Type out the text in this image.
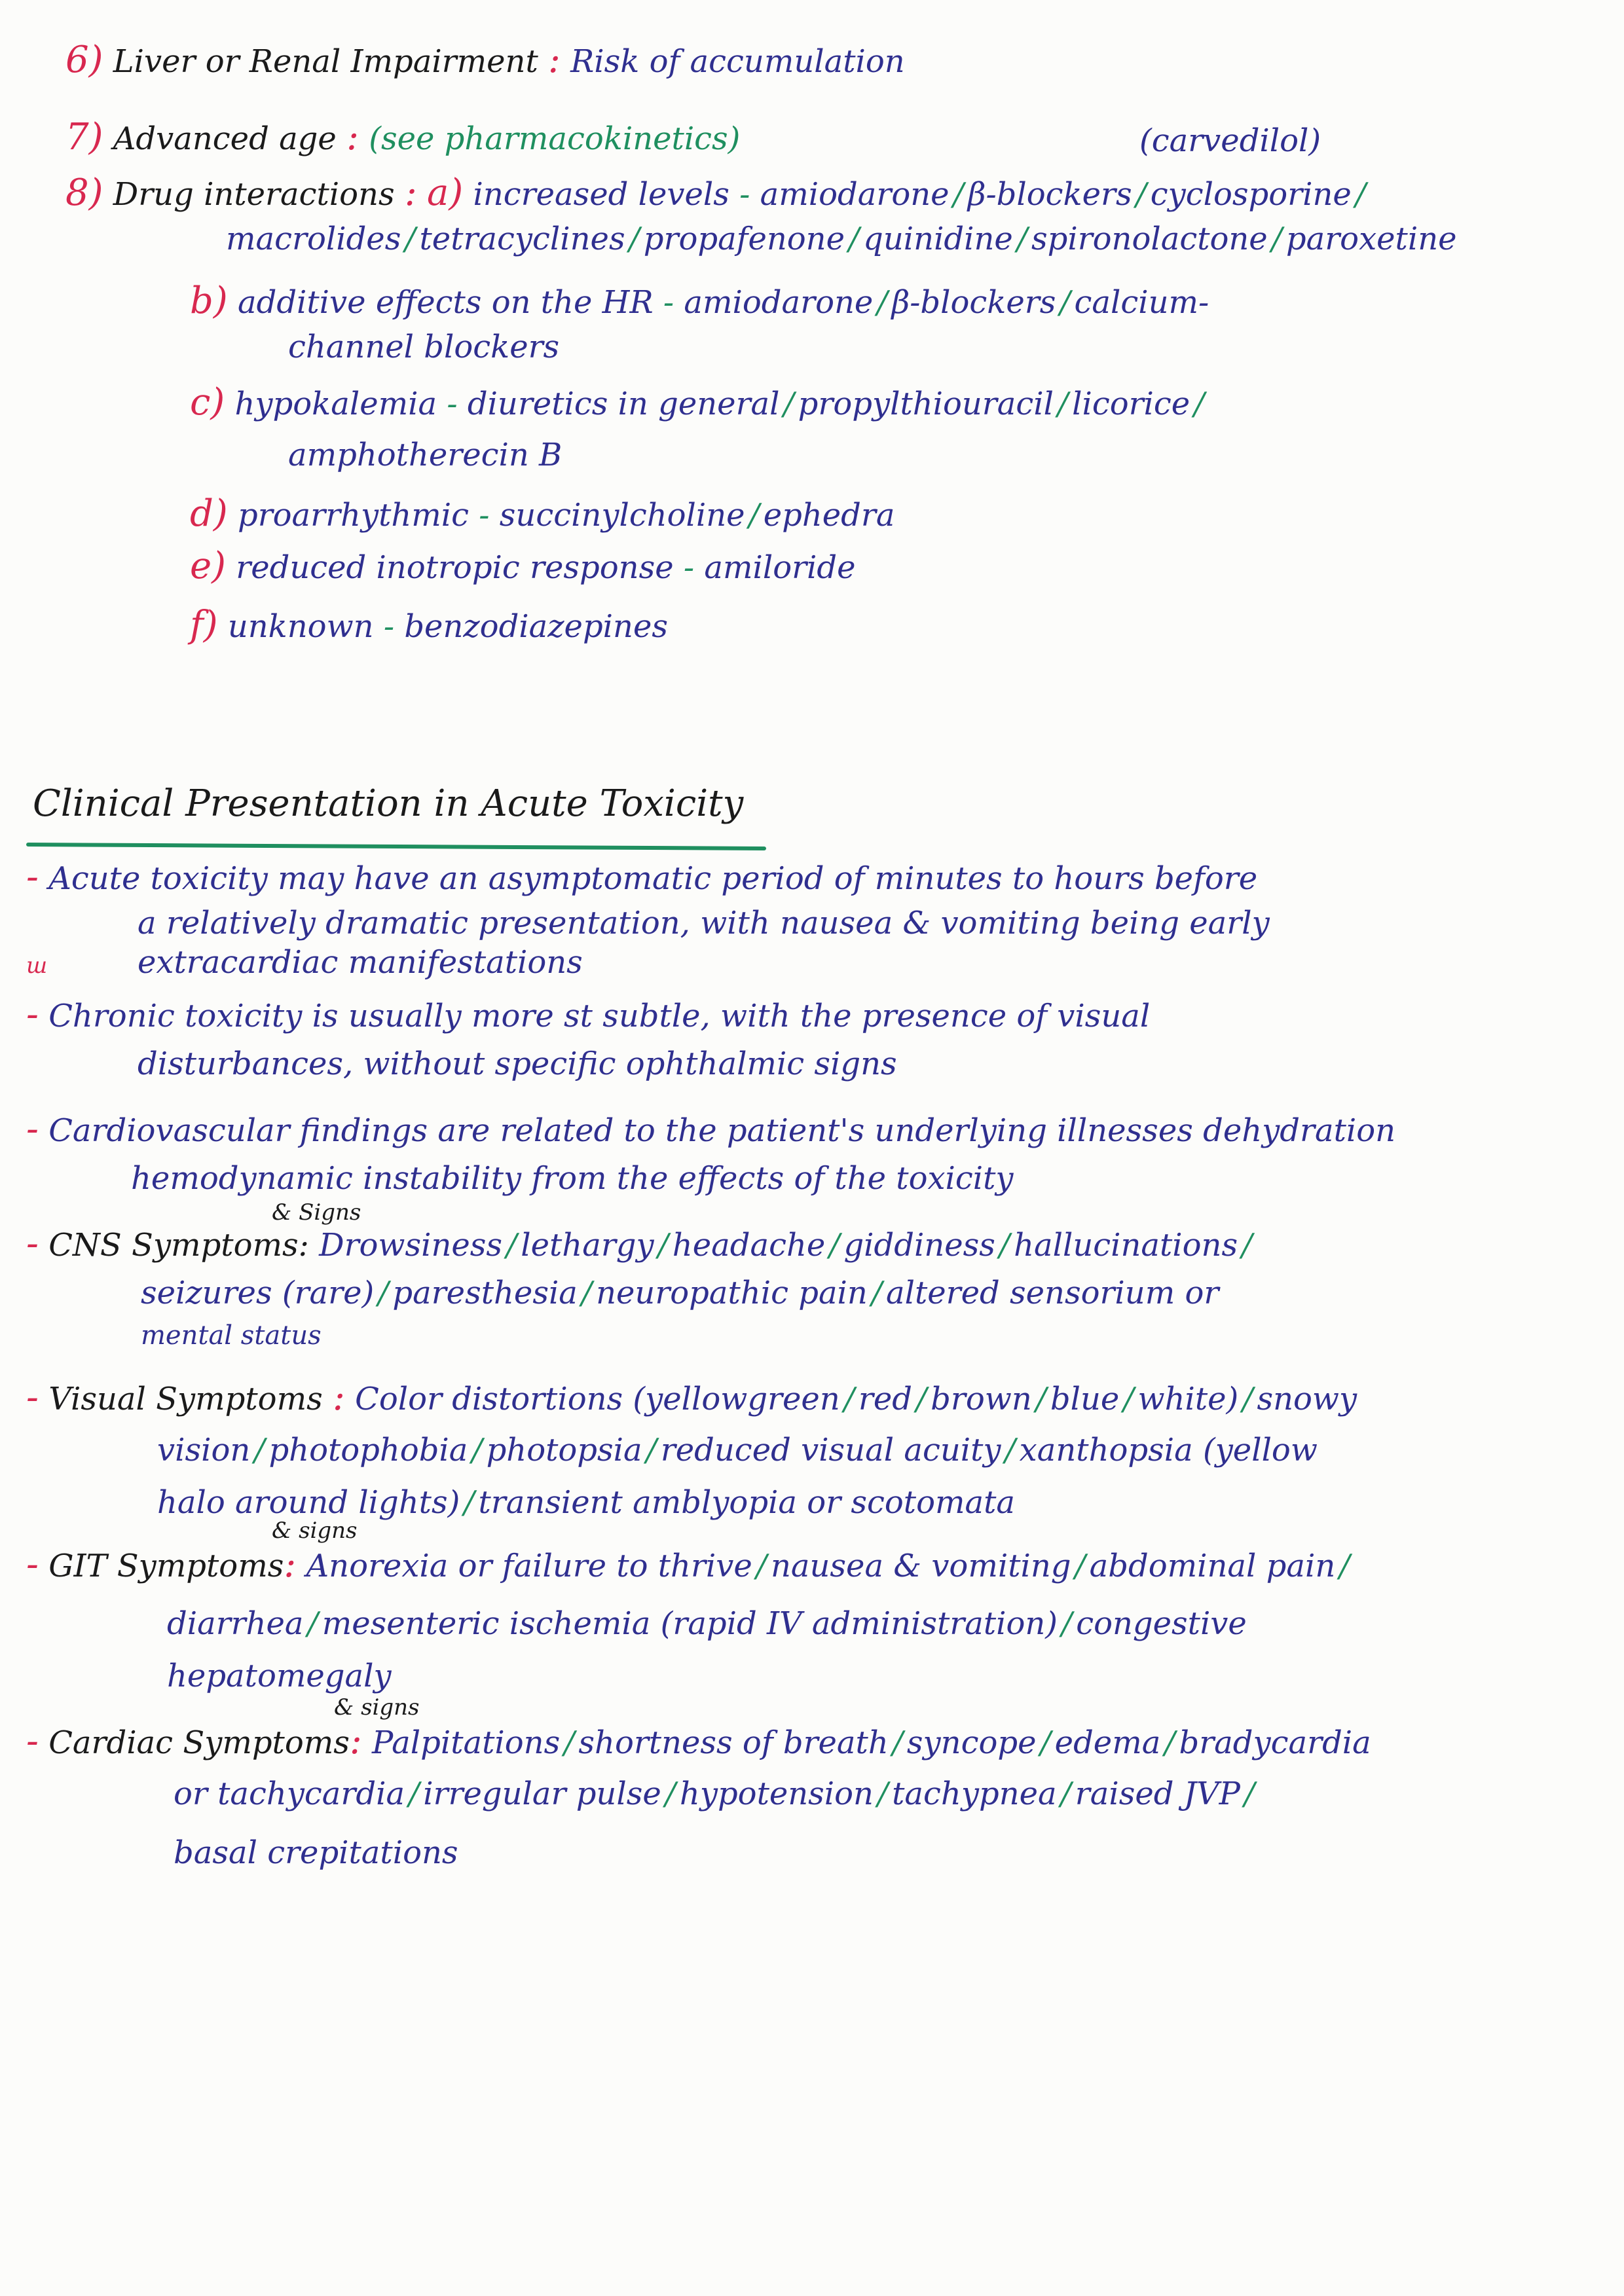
6) Liver or Renal Impairment : Risk of accumulation
7) Advanced age : (see pharmacokinetics)	(carvedilol)
8) Drug interactions : a) increased levels - amiodarone / β-blockers / cyclosporine /
macrolides / tetracyclines / propafenone / quinidine / spironolactone / paroxetine
b) additive effects on the HR - amiodarone / β-blockers / calcium-
channel blockers
c) hypokalemia - diuretics in general / propylthiouracil / licorice /
amphotherecin B
d) proarrhythmic - succinylcholine / ephedra
e) reduced inotropic response - amiloride
f) unknown - benzodiazepines
Clinical Presentation in Acute Toxicity
- Acute toxicity may have an asymptomatic period of minutes to hours before
a relatively dramatic presentation, with nausea & vomiting being early
ш	extracardiac manifestations
- Chronic toxicity is usually more st subtle, with the presence of visual
disturbances, without specific ophthalmic signs
- Cardiovascular findings are related to the patient's underlying illnesses dehydration
hemodynamic instability from the effects of the toxicity
& Signs
- CNS Symptoms: Drowsiness / lethargy / headache / giddiness / hallucinations /
seizures (rare) / paresthesia / neuropathic pain / altered sensorium or
mental status
- Visual Symptoms : Color distortions (yellowgreen / red / brown / blue / white) / snowy
vision / photophobia / photopsia / reduced visual acuity / xanthopsia (yellow
halo around lights) / transient amblyopia or scotomata
& signs
- GIT Symptoms: Anorexia or failure to thrive / nausea & vomiting / abdominal pain /
diarrhea / mesenteric ischemia (rapid IV administration) / congestive
hepatomegaly
& signs
- Cardiac Symptoms: Palpitations / shortness of breath / syncope / edema / bradycardia
or tachycardia / irregular pulse / hypotension / tachypnea / raised JVP /
basal crepitations
